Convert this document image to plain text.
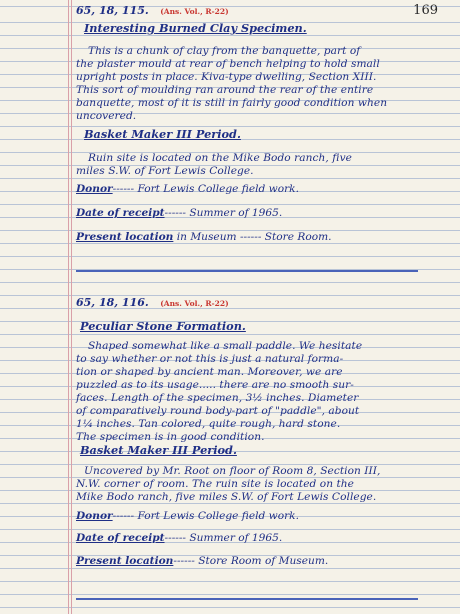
169
65, 18, 115. (Ans. Vol., R-22)
Interesting Burned Clay Specimen.
This is a chunk of clay from the banquette, part of
the plaster mould at rear of bench helping to hold small
upright posts in place. Kiva-type dwelling, Section XIII.
This sort of moulding ran around the rear of the entire
banquette, most of it is still in fairly good condition when
uncovered.
Basket Maker III Period.
Ruin site is located on the Mike Bodo ranch, five
miles S.W. of Fort Lewis College.
Donor------ Fort Lewis College field work.
Date of receipt------ Summer of 1965.
Present location in Museum ------ Store Room.
65, 18, 116. (Ans. Vol., R-22)
Peculiar Stone Formation.
Shaped somewhat like a small paddle. We hesitate
to say whether or not this is just a natural forma-
tion or shaped by ancient man. Moreover, we are
puzzled as to its usage..... there are no smooth sur-
faces. Length of the specimen, 3½ inches. Diameter
of comparatively round body-part of "paddle", about
1¼ inches. Tan colored, quite rough, hard stone.
The specimen is in good condition.
Basket Maker III Period.
Uncovered by Mr. Root on floor of Room 8, Section III,
N.W. corner of room. The ruin site is located on the
Mike Bodo ranch, five miles S.W. of Fort Lewis College.
Donor------ Fort Lewis College field work.
Date of receipt------ Summer of 1965.
Present location------ Store Room of Museum.
